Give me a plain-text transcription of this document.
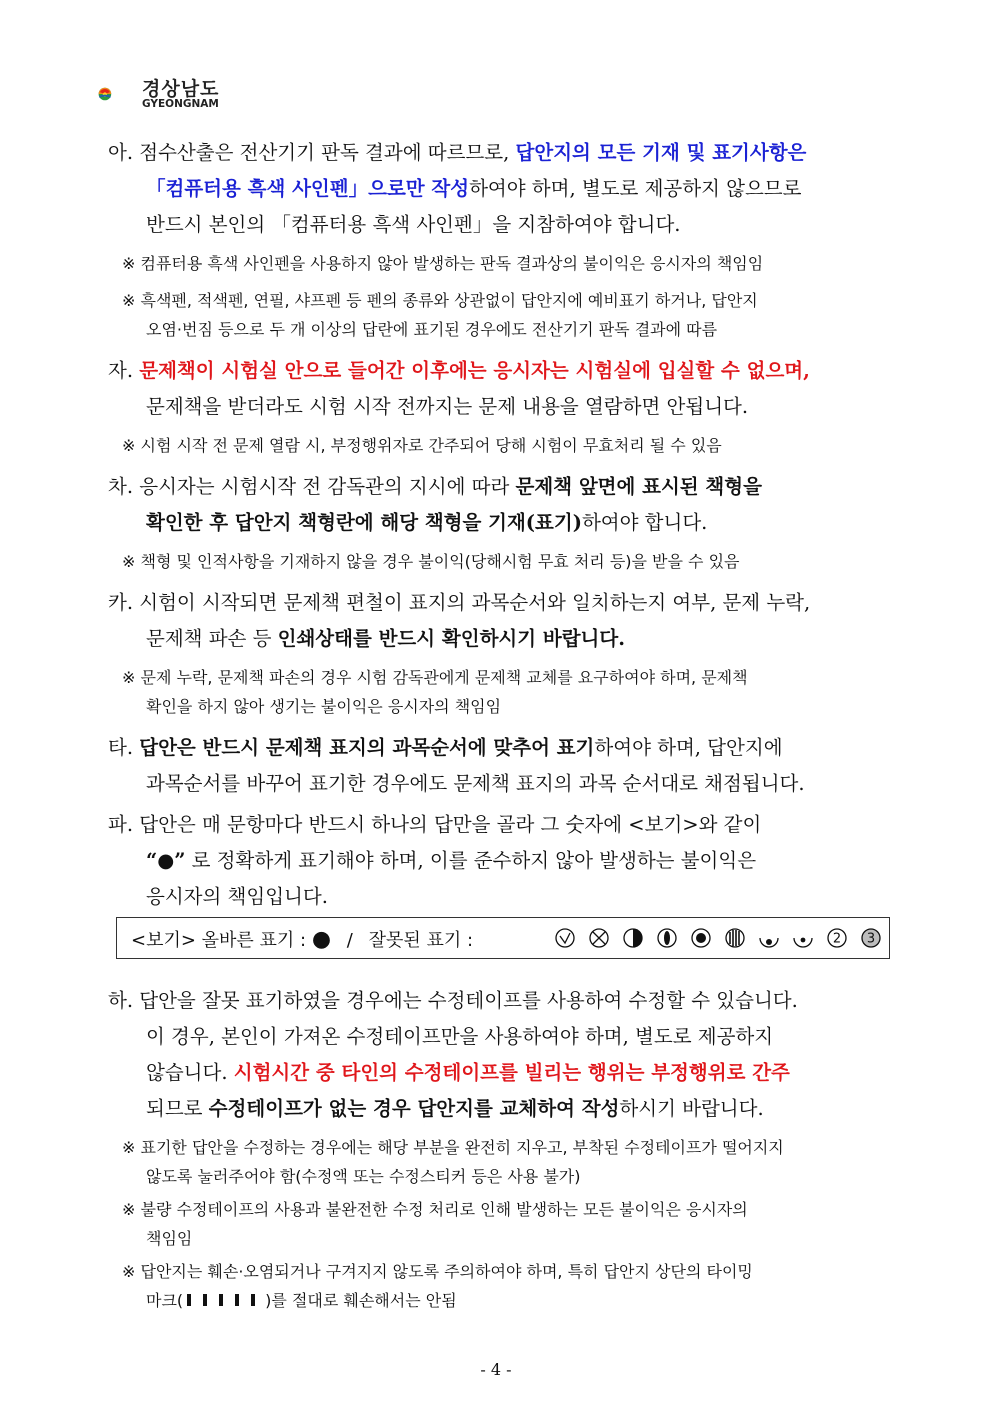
경상남도
GYEONGNAM
아. 점수산출은 전산기기 판독 결과에 따르므로, 답안지의 모든 기재 및 표기사항은
「컴퓨터용 흑색 사인펜」으로만 작성하여야 하며, 별도로 제공하지 않으므로
반드시 본인의 「컴퓨터용 흑색 사인펜」을 지참하여야 합니다.
※ 컴퓨터용 흑색 사인펜을 사용하지 않아 발생하는 판독 결과상의 불이익은 응시자의 책임임
※ 흑색펜, 적색펜, 연필, 샤프펜 등 펜의 종류와 상관없이 답안지에 예비표기 하거나, 답안지
오염·번짐 등으로 두 개 이상의 답란에 표기된 경우에도 전산기기 판독 결과에 따름
자. 문제책이 시험실 안으로 들어간 이후에는 응시자는 시험실에 입실할 수 없으며,
문제책을 받더라도 시험 시작 전까지는 문제 내용을 열람하면 안됩니다.
※ 시험 시작 전 문제 열람 시, 부정행위자로 간주되어 당해 시험이 무효처리 될 수 있음
차. 응시자는 시험시작 전 감독관의 지시에 따라 문제책 앞면에 표시된 책형을
확인한 후 답안지 책형란에 해당 책형을 기재(표기)하여야 합니다.
※ 책형 및 인적사항을 기재하지 않을 경우 불이익(당해시험 무효 처리 등)을 받을 수 있음
카. 시험이 시작되면 문제책 편철이 표지의 과목순서와 일치하는지 여부, 문제 누락,
문제책 파손 등 인쇄상태를 반드시 확인하시기 바랍니다.
※ 문제 누락, 문제책 파손의 경우 시험 감독관에게 문제책 교체를 요구하여야 하며, 문제책
확인을 하지 않아 생기는 불이익은 응시자의 책임임
타. 답안은 반드시 문제책 표지의 과목순서에 맞추어 표기하여야 하며, 답안지에
과목순서를 바꾸어 표기한 경우에도 문제책 표지의 과목 순서대로 채점됩니다.
파. 답안은 매 문항마다 반드시 하나의 답만을 골라 그 숫자에 <보기>와 같이
“●” 로 정확하게 표기해야 하며, 이를 준수하지 않아 발생하는 불이익은
응시자의 책임입니다.
<보기> 올바른 표기 : ● / 잘못된 표기 :	2 3
하. 답안을 잘못 표기하였을 경우에는 수정테이프를 사용하여 수정할 수 있습니다.
이 경우, 본인이 가져온 수정테이프만을 사용하여야 하며, 별도로 제공하지
않습니다. 시험시간 중 타인의 수정테이프를 빌리는 행위는 부정행위로 간주
되므로 수정테이프가 없는 경우 답안지를 교체하여 작성하시기 바랍니다.
※ 표기한 답안을 수정하는 경우에는 해당 부분을 완전히 지우고, 부착된 수정테이프가 떨어지지
않도록 눌러주어야 함(수정액 또는 수정스티커 등은 사용 불가)
※ 불량 수정테이프의 사용과 불완전한 수정 처리로 인해 발생하는 모든 불이익은 응시자의
책임임
※ 답안지는 훼손·오염되거나 구겨지지 않도록 주의하여야 하며, 특히 답안지 상단의 타이밍
마크(	)를 절대로 훼손해서는 안됨
- 4 -
